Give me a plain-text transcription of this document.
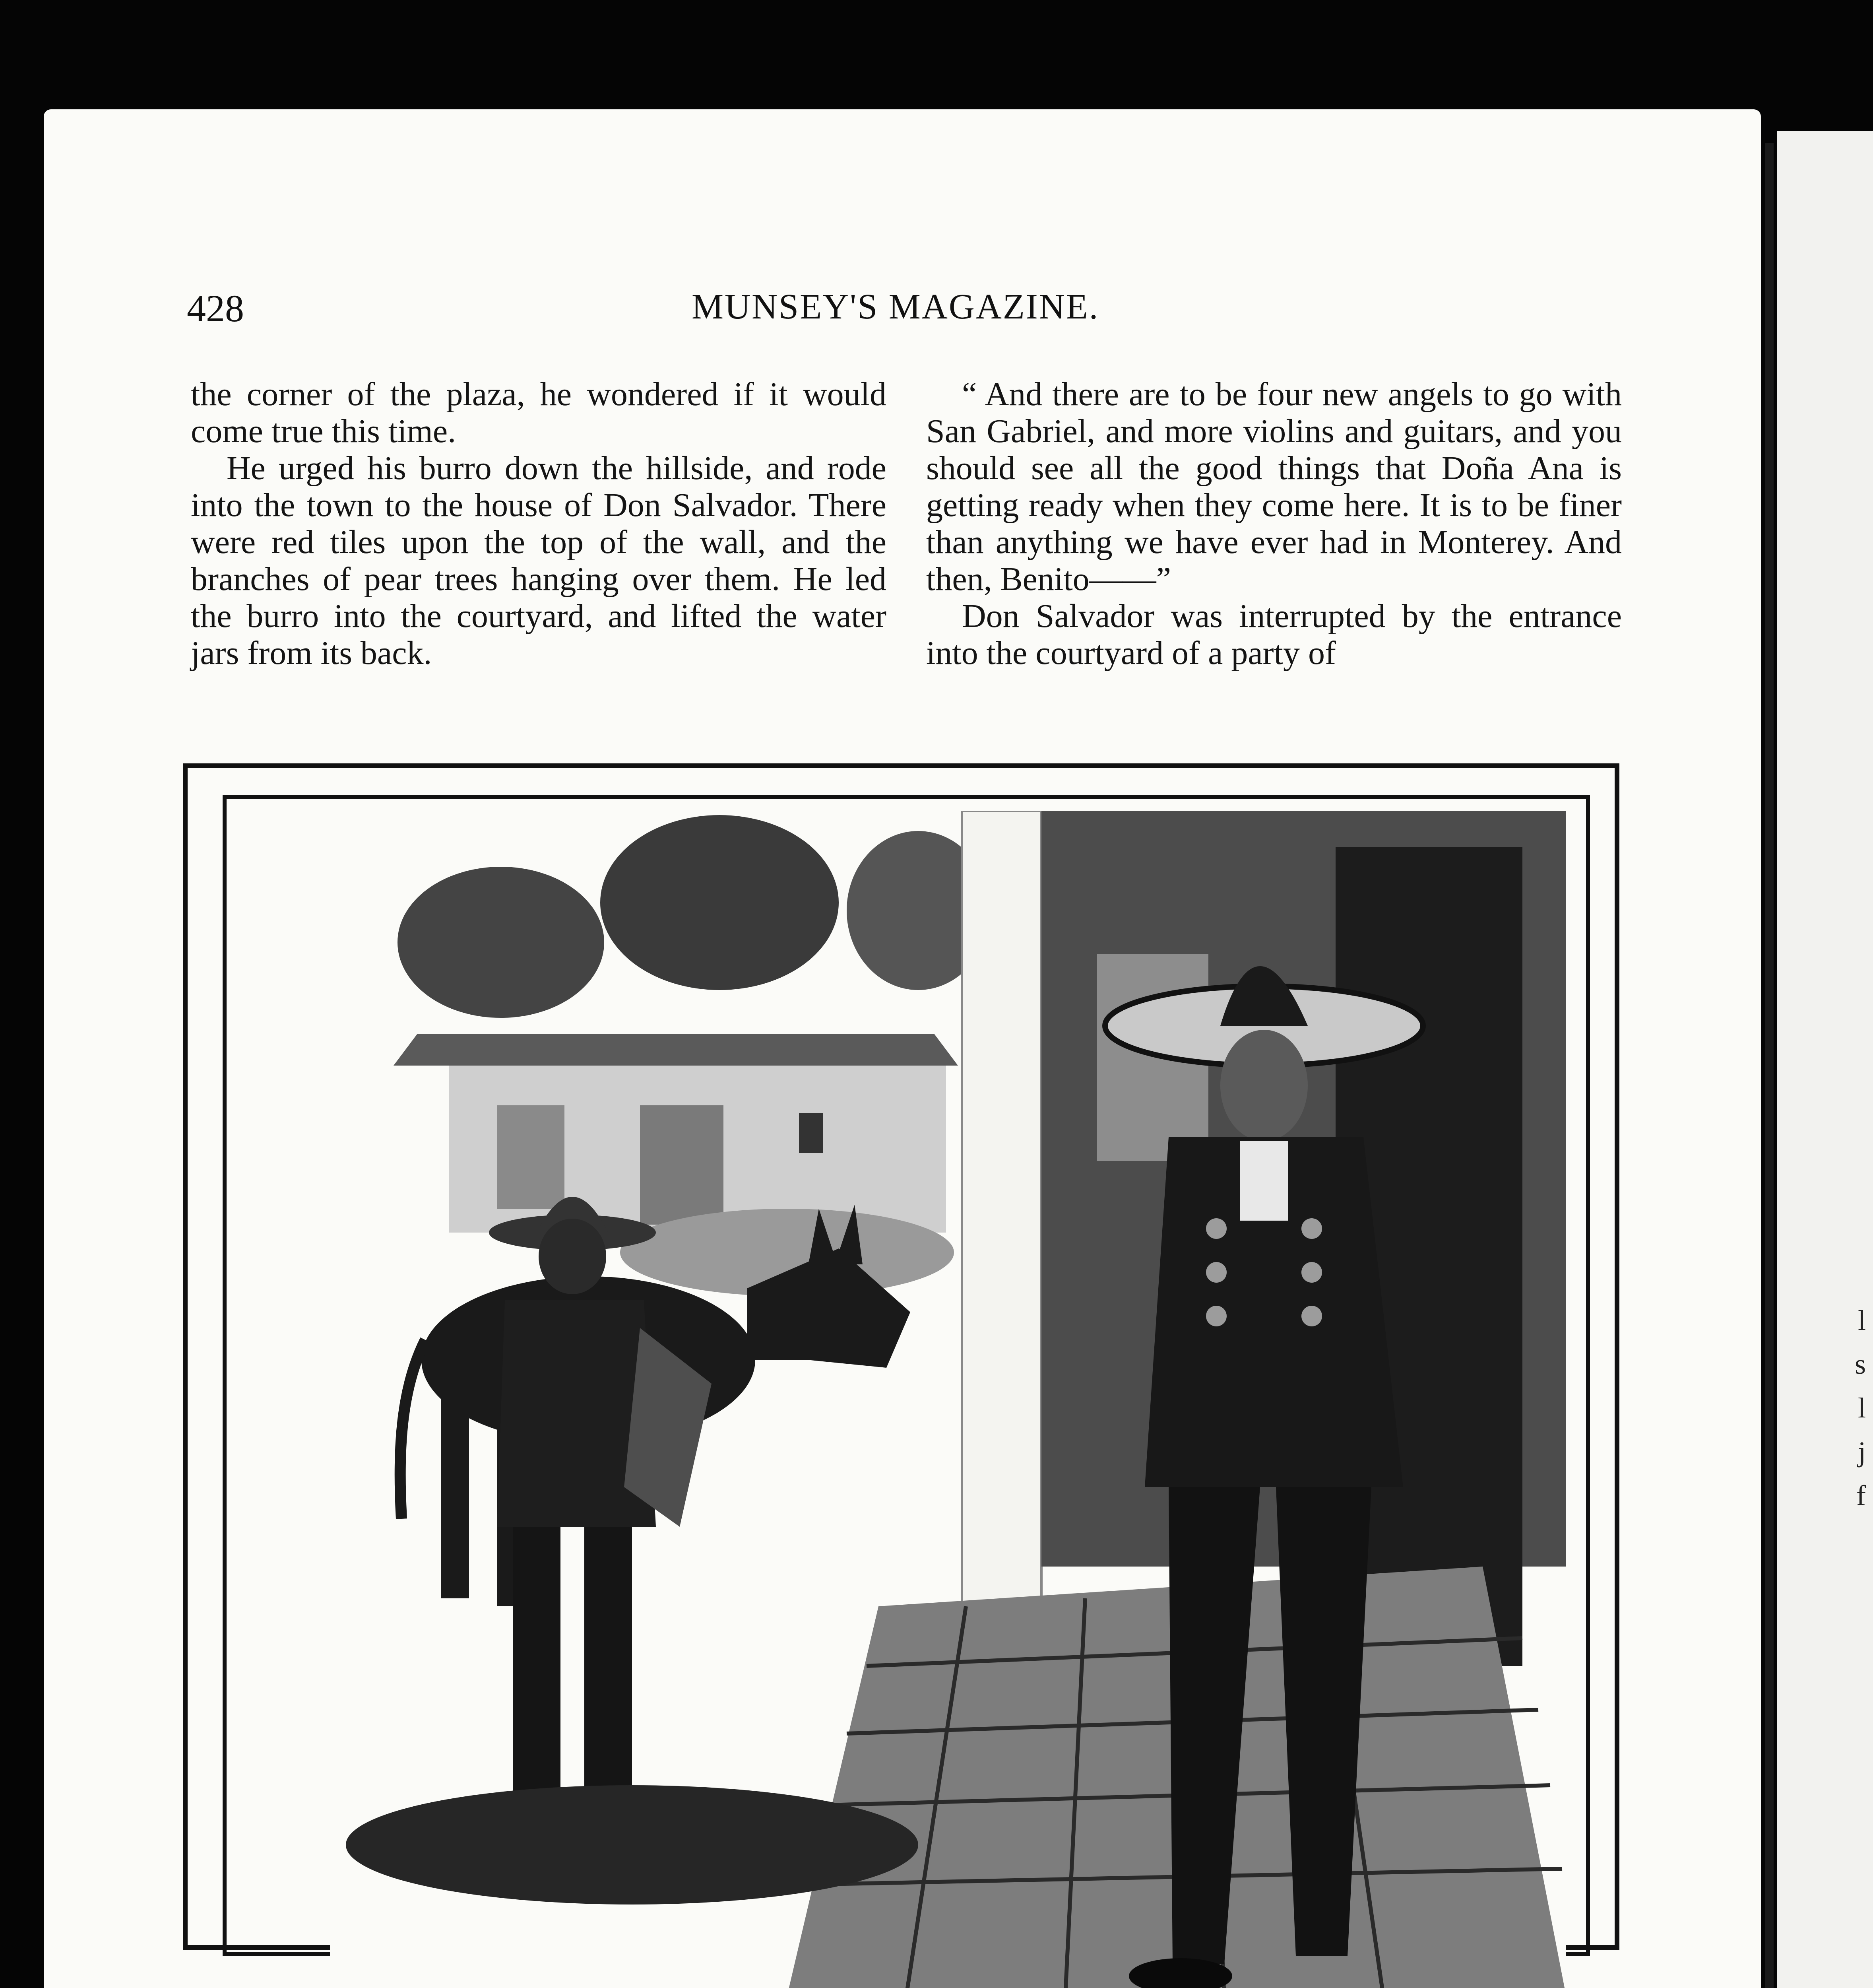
l
s
l
j
f
428	MUNSEY'S MAGAZINE.

the corner of the plaza, he wondered if it would come true this time.

He urged his burro down the hillside, and rode into the town to the house of Don Salvador. There were red tiles upon the top of the wall, and the branches of pear trees hanging over them. He led the burro into the courtyard, and lifted the water jars from its back.

“ And there are to be four new angels to go with San Gabriel, and more violins and guitars, and you should see all the good things that Doña Ana is getting ready when they come here. It is to be finer than anything we have ever had in Monterey. And then, Benito——”

Don Salvador was interrupted by the entrance into the courtyard of a party of
